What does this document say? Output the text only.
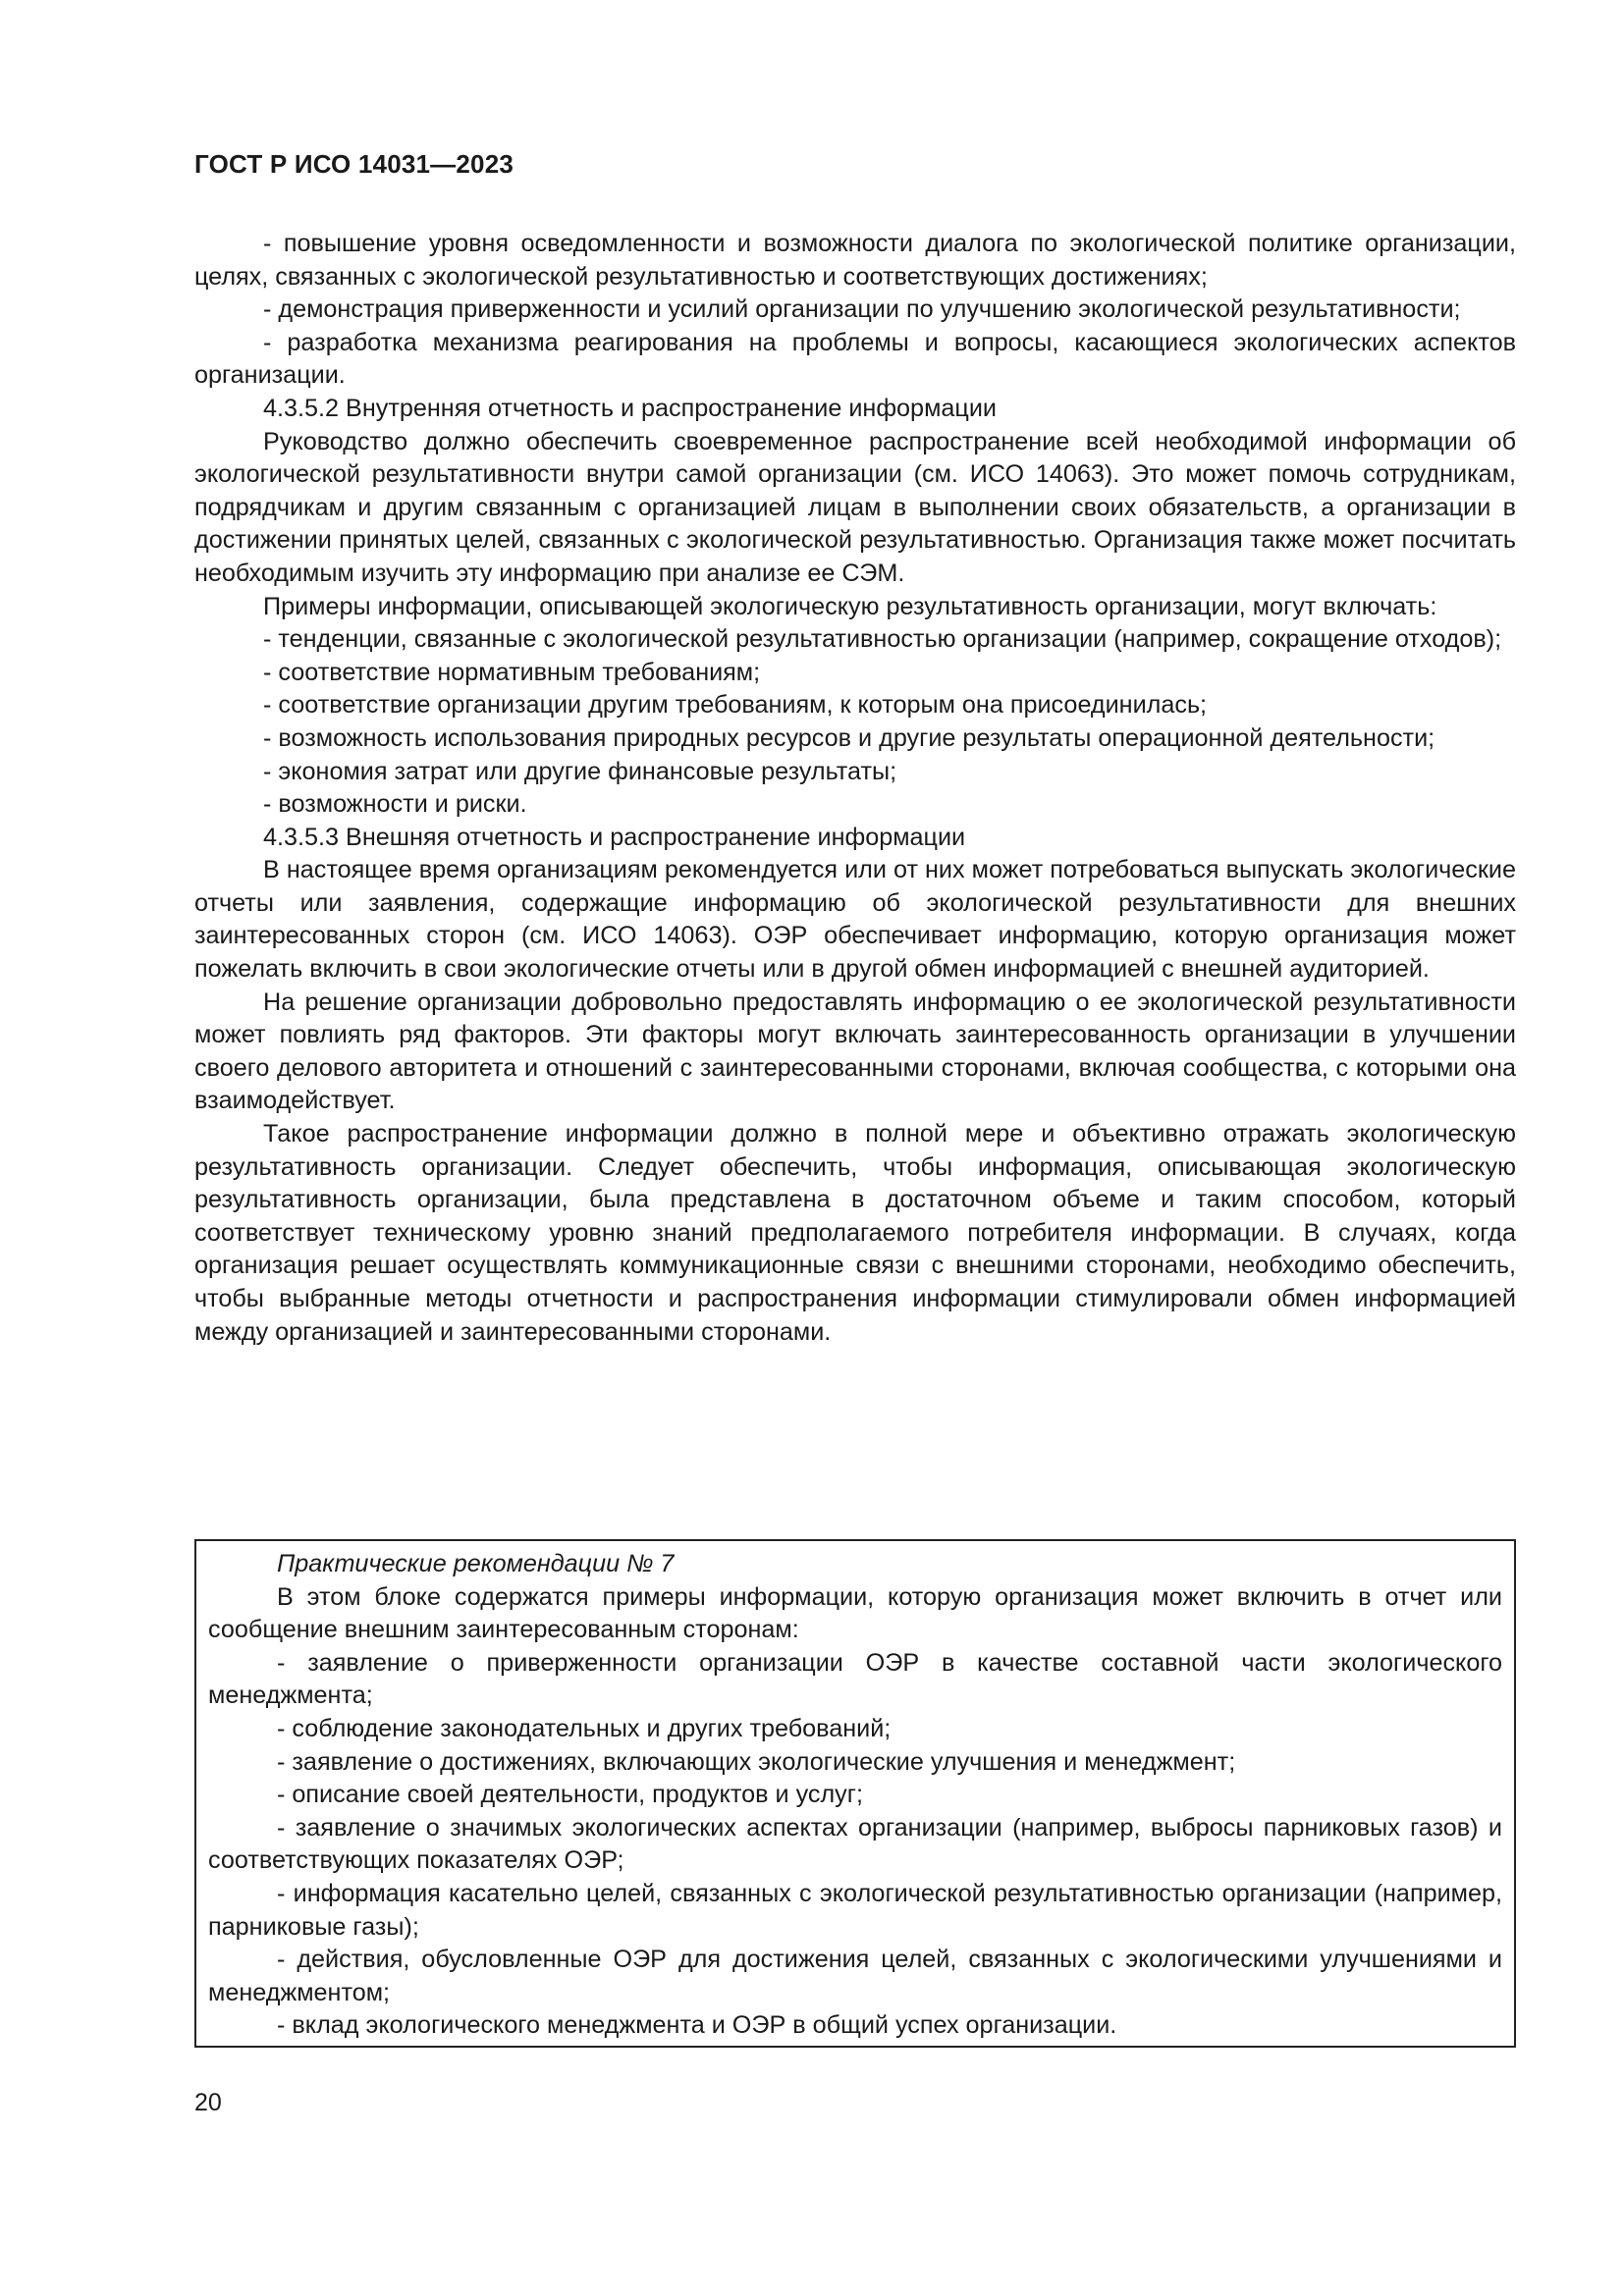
ГОСТ Р ИСО 14031—2023

- повышение уровня осведомленности и возможности диалога по экологической политике организации, целях, связанных с экологической результативностью и соответствующих достижениях;

- демонстрация приверженности и усилий организации по улучшению экологической результативности;

- разработка механизма реагирования на проблемы и вопросы, касающиеся экологических аспектов организации.

4.3.5.2 Внутренняя отчетность и распространение информации

Руководство должно обеспечить своевременное распространение всей необходимой информации об экологической результативности внутри самой организации (см. ИСО 14063). Это может помочь сотрудникам, подрядчикам и другим связанным с организацией лицам в выполнении своих обязательств, а организации в достижении принятых целей, связанных с экологической результативностью. Организация также может посчитать необходимым изучить эту информацию при анализе ее СЭМ.

Примеры информации, описывающей экологическую результативность организации, могут включать:

- тенденции, связанные с экологической результативностью организации (например, сокращение отходов);

- соответствие нормативным требованиям;

- соответствие организации другим требованиям, к которым она присоединилась;

- возможность использования природных ресурсов и другие результаты операционной деятельности;

- экономия затрат или другие финансовые результаты;

- возможности и риски.

4.3.5.3 Внешняя отчетность и распространение информации

В настоящее время организациям рекомендуется или от них может потребоваться выпускать экологические отчеты или заявления, содержащие информацию об экологической результативности для внешних заинтересованных сторон (см. ИСО 14063). ОЭР обеспечивает информацию, которую организация может пожелать включить в свои экологические отчеты или в другой обмен информацией с внешней аудиторией.

На решение организации добровольно предоставлять информацию о ее экологической результативности может повлиять ряд факторов. Эти факторы могут включать заинтересованность организации в улучшении своего делового авторитета и отношений с заинтересованными сторонами, включая сообщества, с которыми она взаимодействует.

Такое распространение информации должно в полной мере и объективно отражать экологическую результативность организации. Следует обеспечить, чтобы информация, описывающая экологическую результативность организации, была представлена в достаточном объеме и таким способом, который соответствует техническому уровню знаний предполагаемого потребителя информации. В случаях, когда организация решает осуществлять коммуникационные связи с внешними сторонами, необходимо обеспечить, чтобы выбранные методы отчетности и распространения информации стимулировали обмен информацией между организацией и заинтересованными сторонами.

Практические рекомендации № 7

В этом блоке содержатся примеры информации, которую организация может включить в отчет или сообщение внешним заинтересованным сторонам:

- заявление о приверженности организации ОЭР в качестве составной части экологического менеджмента;

- соблюдение законодательных и других требований;

- заявление о достижениях, включающих экологические улучшения и менеджмент;

- описание своей деятельности, продуктов и услуг;

- заявление о значимых экологических аспектах организации (например, выбросы парниковых газов) и соответствующих показателях ОЭР;

- информация касательно целей, связанных с экологической результативностью организации (например, парниковые газы);

- действия, обусловленные ОЭР для достижения целей, связанных с экологическими улучшениями и менеджментом;

- вклад экологического менеджмента и ОЭР в общий успех организации.

20
